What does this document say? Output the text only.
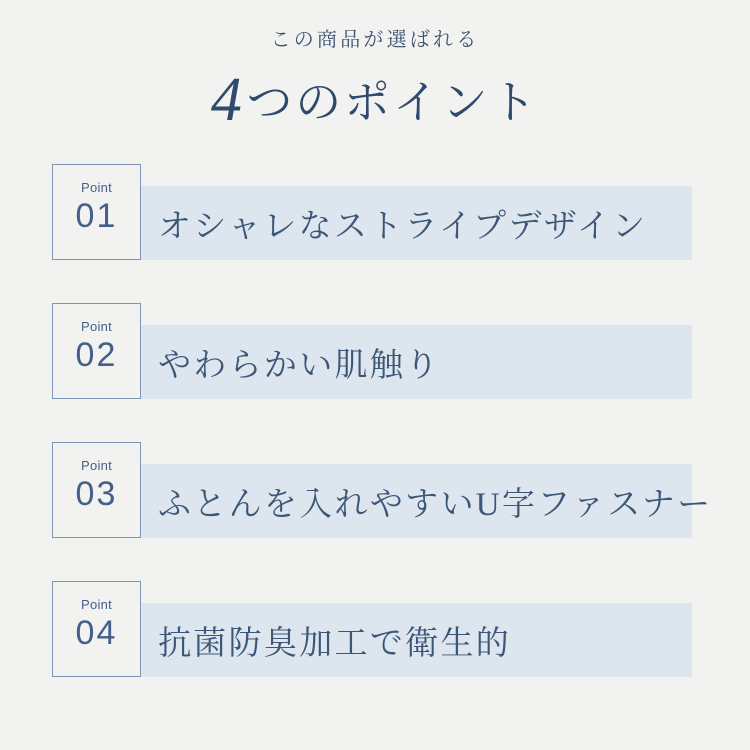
この商品が選ばれる

4つのポイント
Point
01	オシャレなストライプデザイン
Point
02	やわらかい肌触り
Point
03	ふとんを入れやすいU字ファスナー
Point
04	抗菌防臭加工で衛生的
